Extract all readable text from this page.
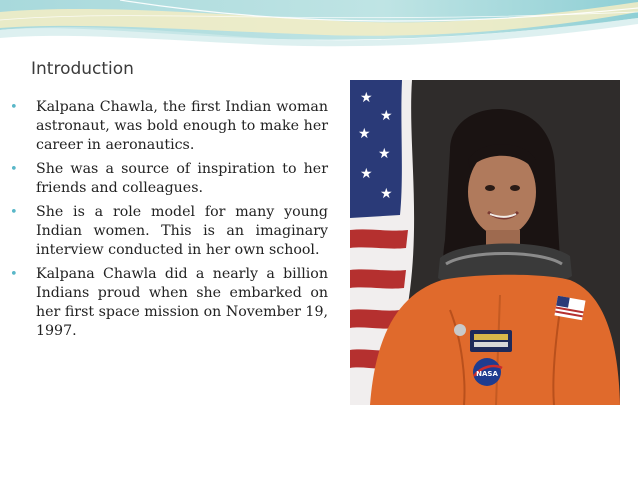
Introduction
•	Kalpana Chawla, the first Indian woman astronaut, was bold enough to make her career in aeronautics.
•	She was a source of inspiration to her friends and colleagues.
•	She is a role model for many young Indian women. This is an imaginary interview conducted in her own school.
•	Kalpana Chawla did a nearly a billion Indians proud when she embarked on her first space mission on November 19, 1997.
★
★
★
★
★
★
NASA
